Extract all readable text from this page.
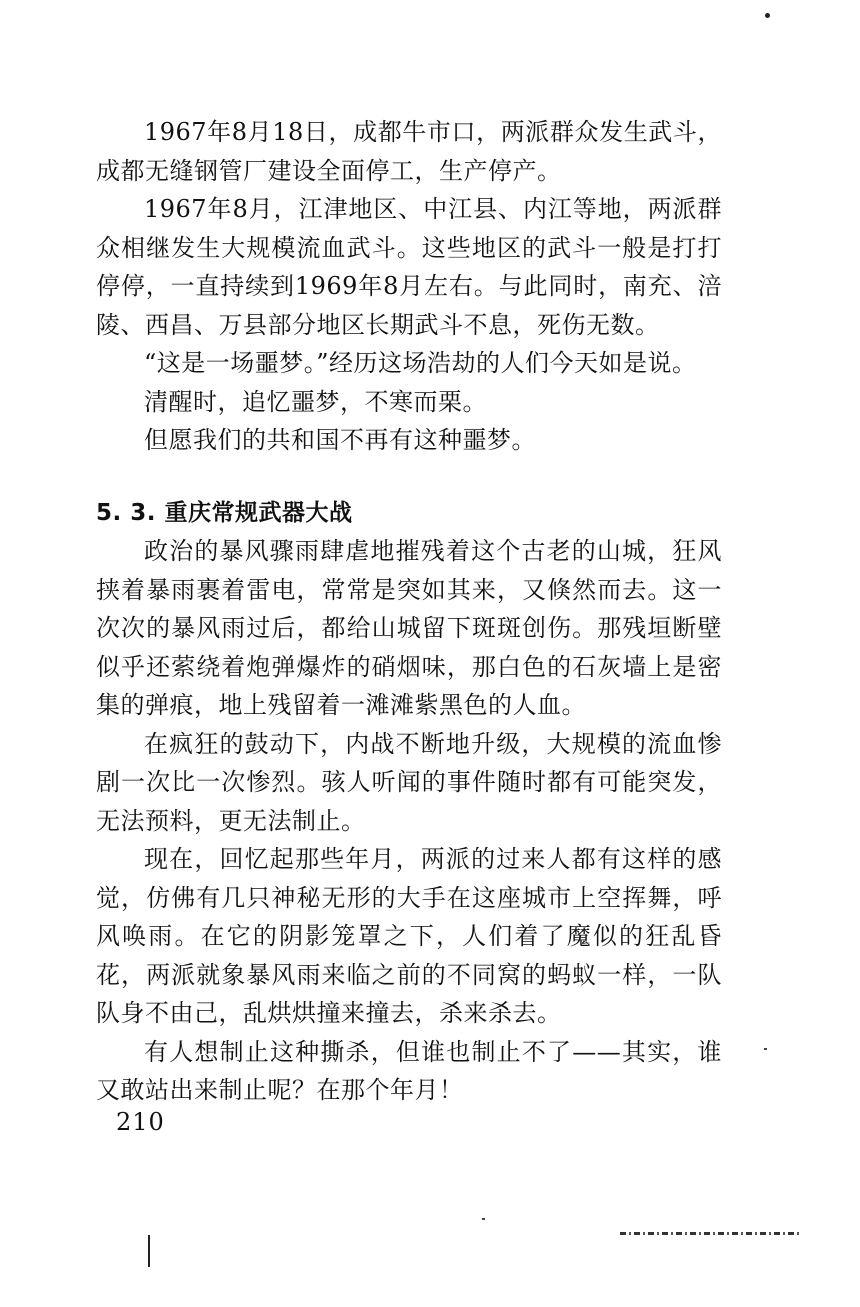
1967年8月18日，成都牛市口，两派群众发生武斗，成都无缝钢管厂建设全面停工，生产停产。

1967年8月，江津地区、中江县、内江等地，两派群众相继发生大规模流血武斗。这些地区的武斗一般是打打停停，一直持续到1969年8月左右。与此同时，南充、涪陵、西昌、万县部分地区长期武斗不息，死伤无数。

“这是一场噩梦。”经历这场浩劫的人们今天如是说。

清醒时，追忆噩梦，不寒而栗。

但愿我们的共和国不再有这种噩梦。

5. 3. 重庆常规武器大战

政治的暴风骤雨肆虐地摧残着这个古老的山城，狂风挟着暴雨裹着雷电，常常是突如其来，又倏然而去。这一次次的暴风雨过后，都给山城留下斑斑创伤。那残垣断壁似乎还萦绕着炮弹爆炸的硝烟味，那白色的石灰墙上是密集的弹痕，地上残留着一滩滩紫黑色的人血。

在疯狂的鼓动下，内战不断地升级，大规模的流血惨剧一次比一次惨烈。骇人听闻的事件随时都有可能突发，无法预料，更无法制止。

现在，回忆起那些年月，两派的过来人都有这样的感觉，仿佛有几只神秘无形的大手在这座城市上空挥舞，呼风唤雨。在它的阴影笼罩之下，人们着了魔似的狂乱昏花，两派就象暴风雨来临之前的不同窝的蚂蚁一样，一队队身不由己，乱烘烘撞来撞去，杀来杀去。

有人想制止这种撕杀，但谁也制止不了——其实，谁又敢站出来制止呢？在那个年月！

210
